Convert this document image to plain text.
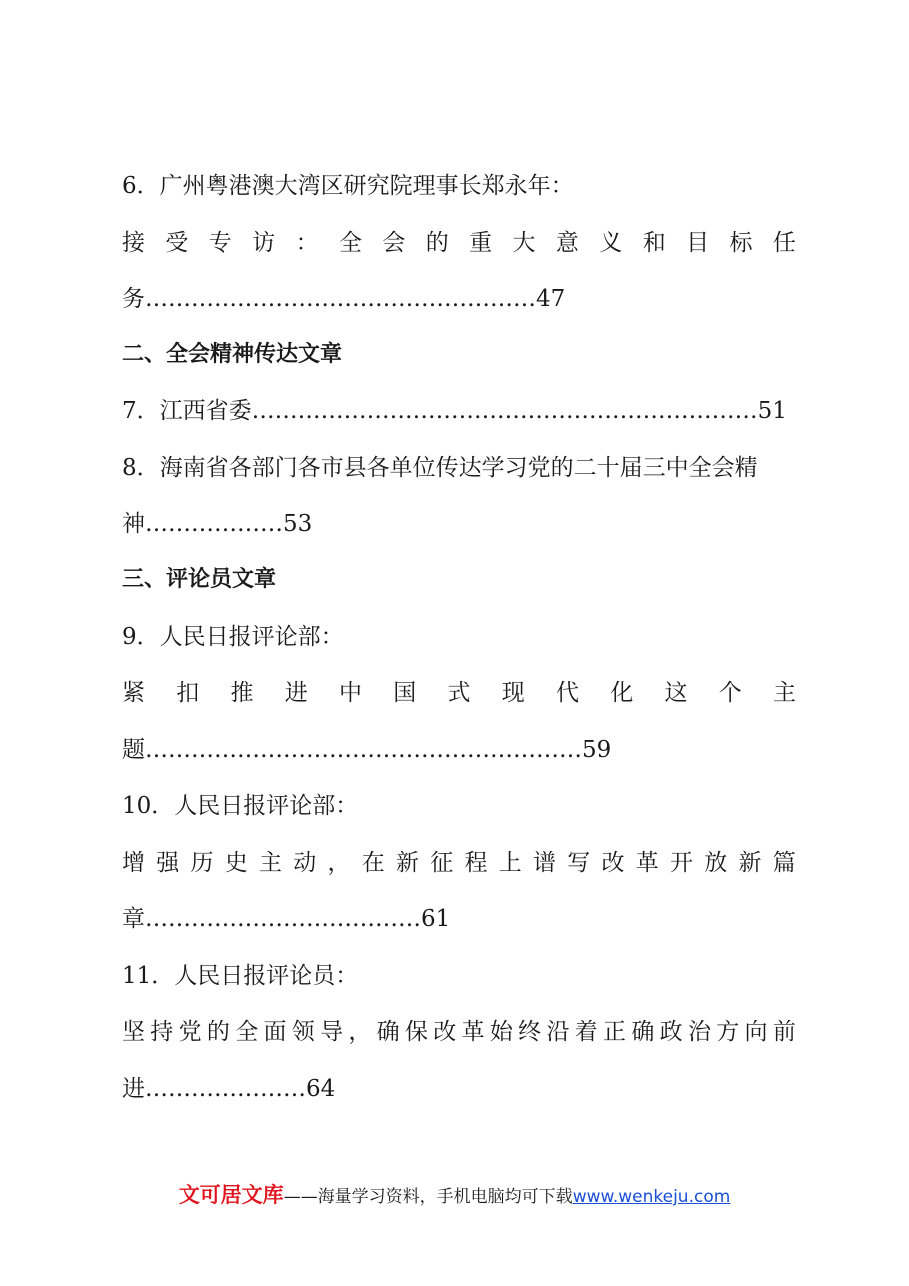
6．广州粤港澳大湾区研究院理事长郑永年：
接 受 专 访 ： 全 会 的 重 大 意 义 和 目 标 任
务……………………………………………47
二、全会精神传达文章
7．江西省委…………………………………………………………51
8．海南省各部门各市县各单位传达学习党的二十届三中全会精
神………………53
三、评论员文章
9．人民日报评论部：
紧 扣 推 进 中 国 式 现 代 化 这 个 主
题…………………………………………………59
10．人民日报评论部：
增 强 历 史 主 动 ， 在 新 征 程 上 谱 写 改 革 开 放 新 篇
章………………………………61
11．人民日报评论员：
坚 持 党 的 全 面 领 导 ， 确 保 改 革 始 终 沿 着 正 确 政 治 方 向 前
进…………………64
文可居文库——海量学习资料，手机电脑均可下载www.wenkeju.com
